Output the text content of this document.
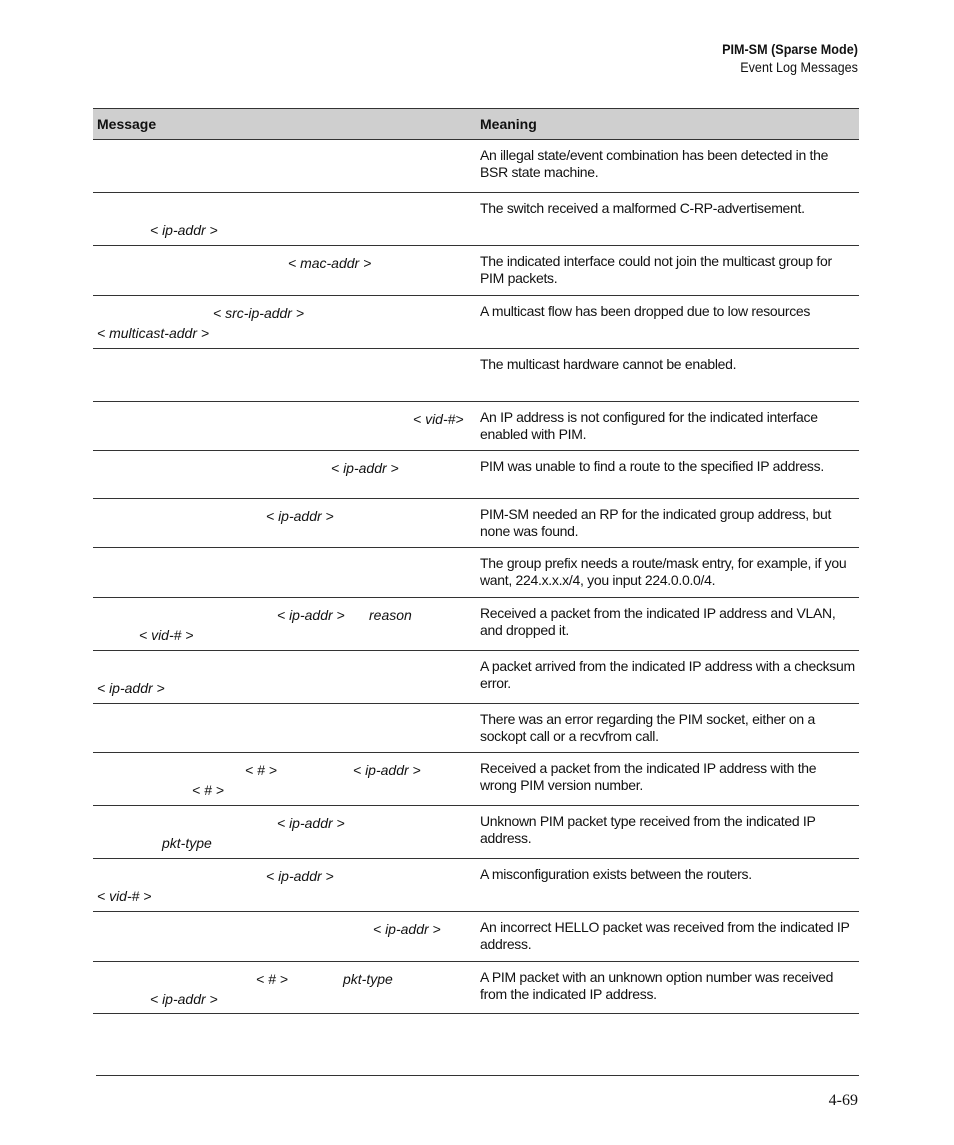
PIM-SM (Sparse Mode)
Event Log Messages
Message	Meaning

	An illegal state/event combination has been detected in the BSR state machine.

< ip-addr >	The switch received a malformed C-RP-advertisement.

< mac-addr >	The indicated interface could not join the multicast group for PIM packets.

< src-ip-addr >
< multicast-addr >	A multicast flow has been dropped due to low resources

	The multicast hardware cannot be enabled.

< vid-#>	An IP address is not configured for the indicated interface enabled with PIM.

< ip-addr >	PIM was unable to find a route to the specified IP address.

< ip-addr >	PIM-SM needed an RP for the indicated group address, but none was found.

	The group prefix needs a route/mask entry, for example, if you want, 224.x.x.x/4, you input 224.0.0.0/4.

< ip-addr > reason
< vid-# >	Received a packet from the indicated IP address and VLAN, and dropped it.

< ip-addr >	A packet arrived from the indicated IP address with a checksum error.

	There was an error regarding the PIM socket, either on a sockopt call or a recvfrom call.

< # > < ip-addr >
< # >	Received a packet from the indicated IP address with the wrong PIM version number.

< ip-addr >
pkt-type	Unknown PIM packet type received from the indicated IP address.

< ip-addr >
< vid-# >	A misconfiguration exists between the routers.

< ip-addr >	An incorrect HELLO packet was received from the indicated IP address.

< # > pkt-type
< ip-addr >	A PIM packet with an unknown option number was received from the indicated IP address.
4-69
